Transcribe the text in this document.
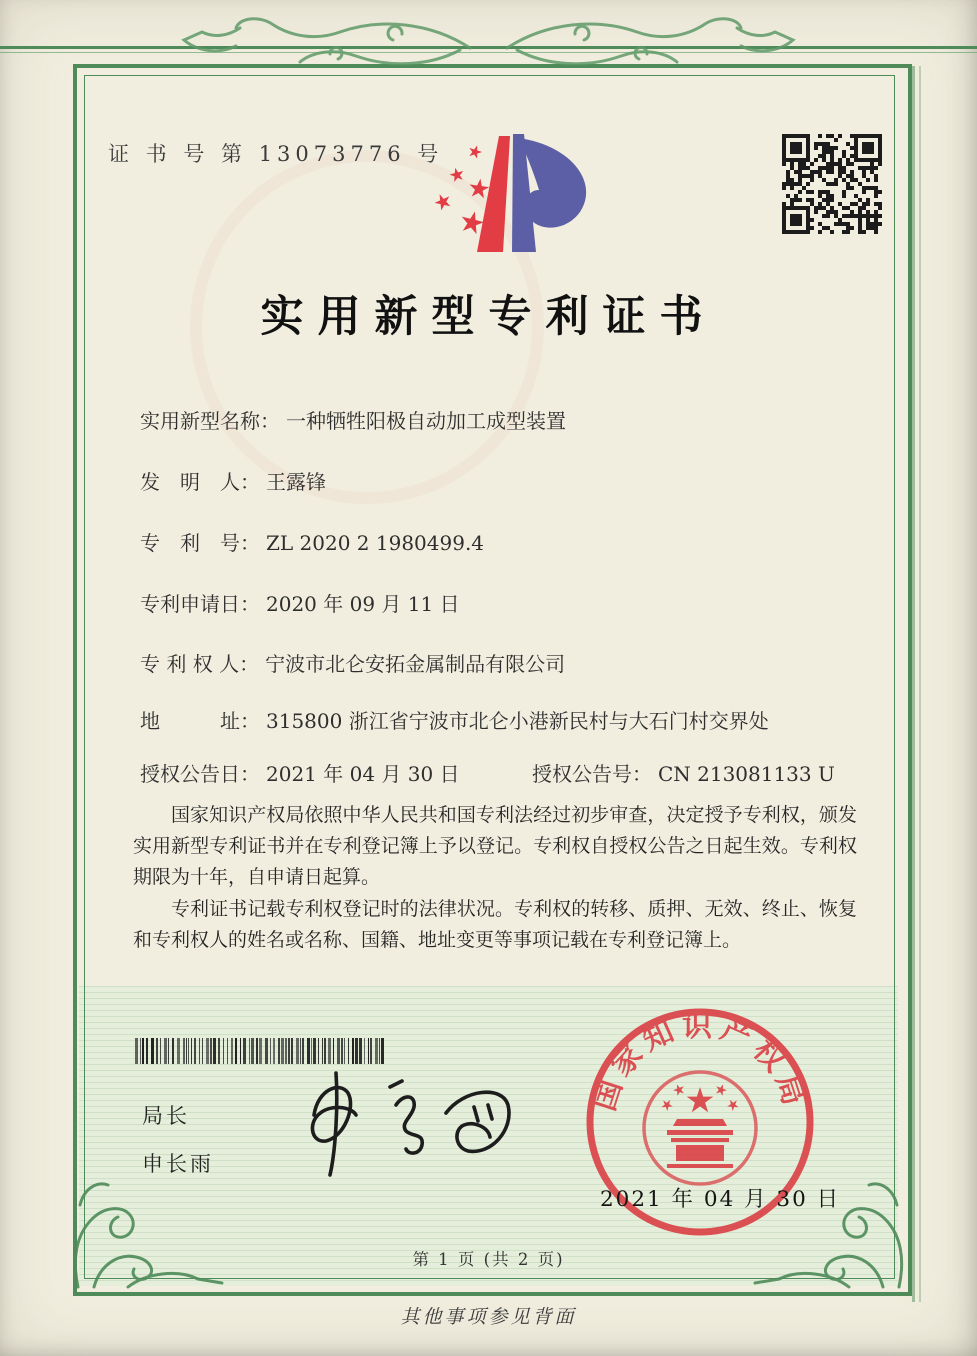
证 书 号 第 13073776 号
实用新型专利证书
实用新型名称： 一种牺牲阳极自动加工成型装置
发　明　人： 王露锋
专　利　号： ZL 2020 2 1980499.4
专利申请日： 2020 年 09 月 11 日
专 利 权 人： 宁波市北仑安拓金属制品有限公司
地　　　址： 315800 浙江省宁波市北仑小港新民村与大石门村交界处
授权公告日： 2021 年 04 月 30 日	授权公告号： CN 213081133 U

国家知识产权局依照中华人民共和国专利法经过初步审查，决定授予专利权，颁发实用新型专利证书并在专利登记簿上予以登记。专利权自授权公告之日起生效。专利权期限为十年，自申请日起算。

专利证书记载专利权登记时的法律状况。专利权的转移、质押、无效、终止、恢复和专利权人的姓名或名称、国籍、地址变更等事项记载在专利登记簿上。

局长
申长雨
国家知识产权局
2021 年 04 月 30 日
第 1 页 (共 2 页)
其他事项参见背面
